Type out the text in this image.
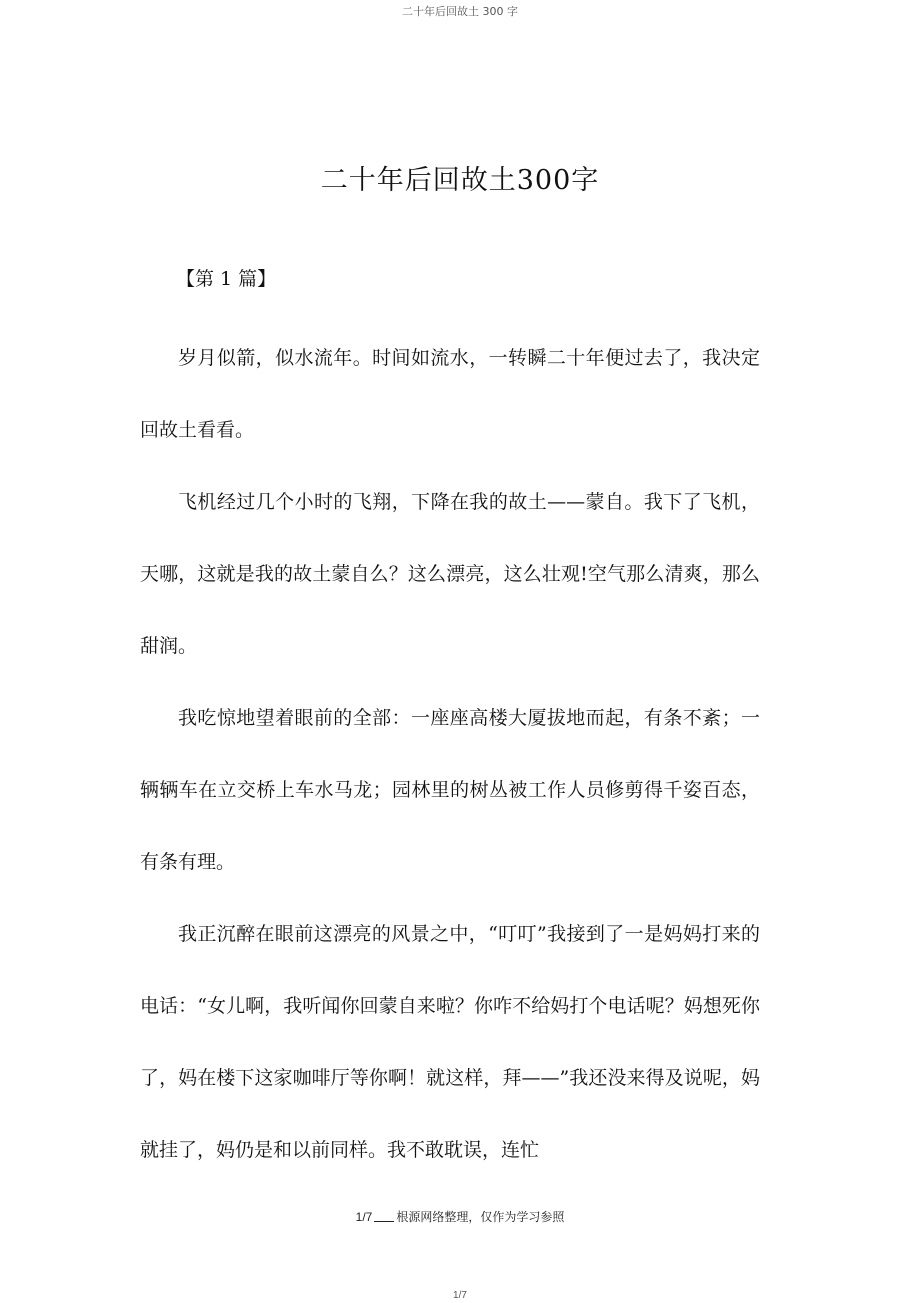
二十年后回故土 300 字
二十年后回故土300字
【第 1 篇】

岁月似箭，似水流年。时间如流水，一转瞬二十年便过去了，我决定回故土看看。

飞机经过几个小时的飞翔，下降在我的故土——蒙自。我下了飞机，天哪，这就是我的故土蒙自么？这么漂亮，这么壮观!空气那么清爽，那么甜润。

我吃惊地望着眼前的全部：一座座高楼大厦拔地而起，有条不紊；一辆辆车在立交桥上车水马龙；园林里的树丛被工作人员修剪得千姿百态，有条有理。

我正沉醉在眼前这漂亮的风景之中，“叮叮”我接到了一是妈妈打来的电话：“女儿啊，我听闻你回蒙自来啦？你咋不给妈打个电话呢？妈想死你了，妈在楼下这家咖啡厅等你啊！就这样，拜——”我还没来得及说呢，妈就挂了，妈仍是和以前同样。我不敢耽误，连忙

1/7 根源网络整理，仅作为学习参照
1/7
